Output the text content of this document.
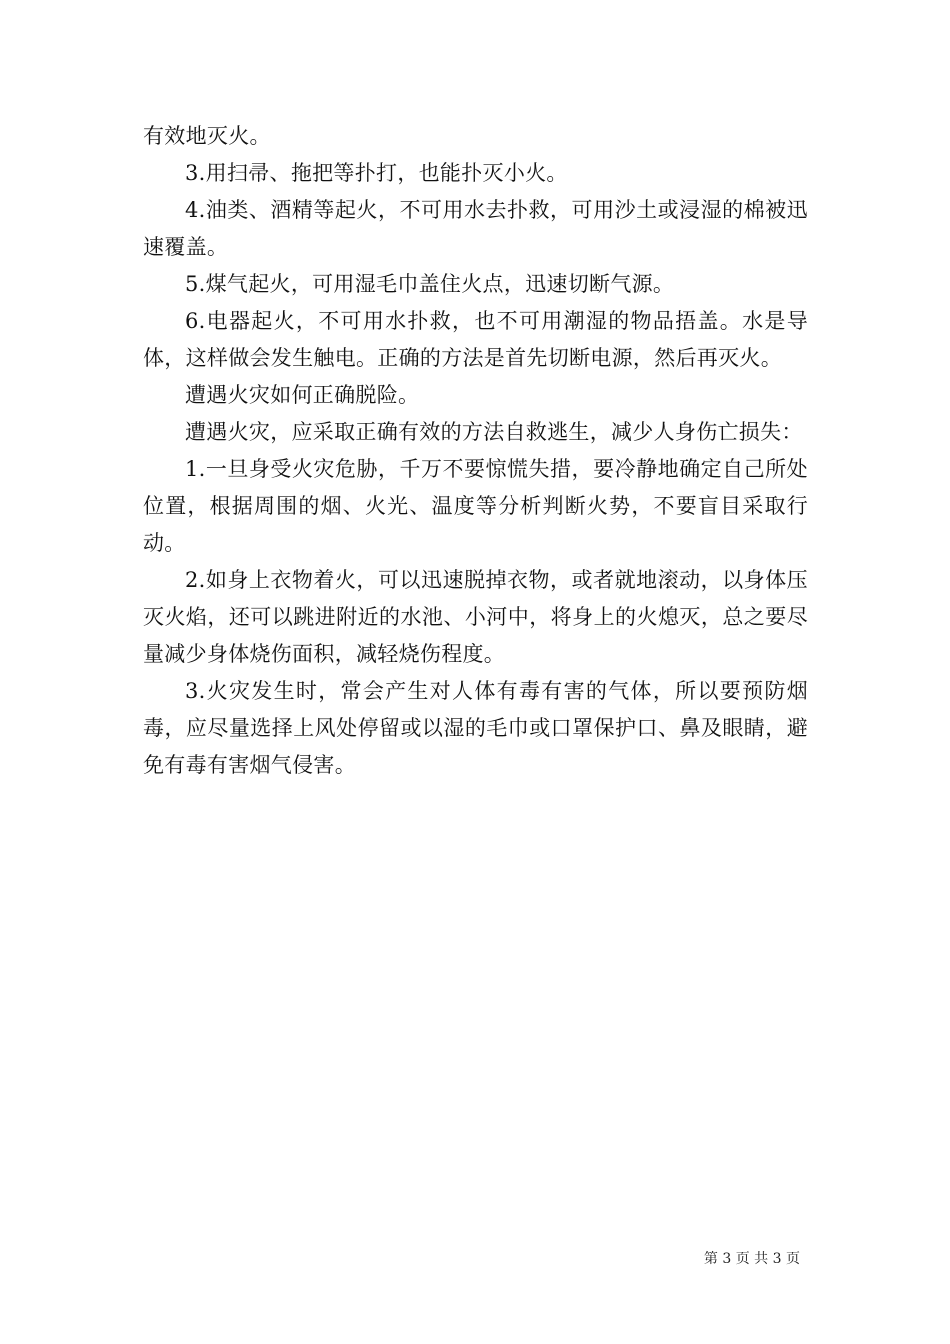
有效地灭火。

3.用扫帚、拖把等扑打，也能扑灭小火。

4.油类、酒精等起火，不可用水去扑救，可用沙土或浸湿的棉被迅速覆盖。

5.煤气起火，可用湿毛巾盖住火点，迅速切断气源。

6.电器起火，不可用水扑救，也不可用潮湿的物品捂盖。水是导体，这样做会发生触电。正确的方法是首先切断电源，然后再灭火。

遭遇火灾如何正确脱险。

遭遇火灾，应采取正确有效的方法自救逃生，减少人身伤亡损失：

1.一旦身受火灾危胁，千万不要惊慌失措，要冷静地确定自己所处位置，根据周围的烟、火光、温度等分析判断火势，不要盲目采取行动。

2.如身上衣物着火，可以迅速脱掉衣物，或者就地滚动，以身体压灭火焰，还可以跳进附近的水池、小河中，将身上的火熄灭，总之要尽量减少身体烧伤面积，减轻烧伤程度。

3.火灾发生时，常会产生对人体有毒有害的气体，所以要预防烟毒，应尽量选择上风处停留或以湿的毛巾或口罩保护口、鼻及眼睛，避免有毒有害烟气侵害。

第 3 页 共 3 页
